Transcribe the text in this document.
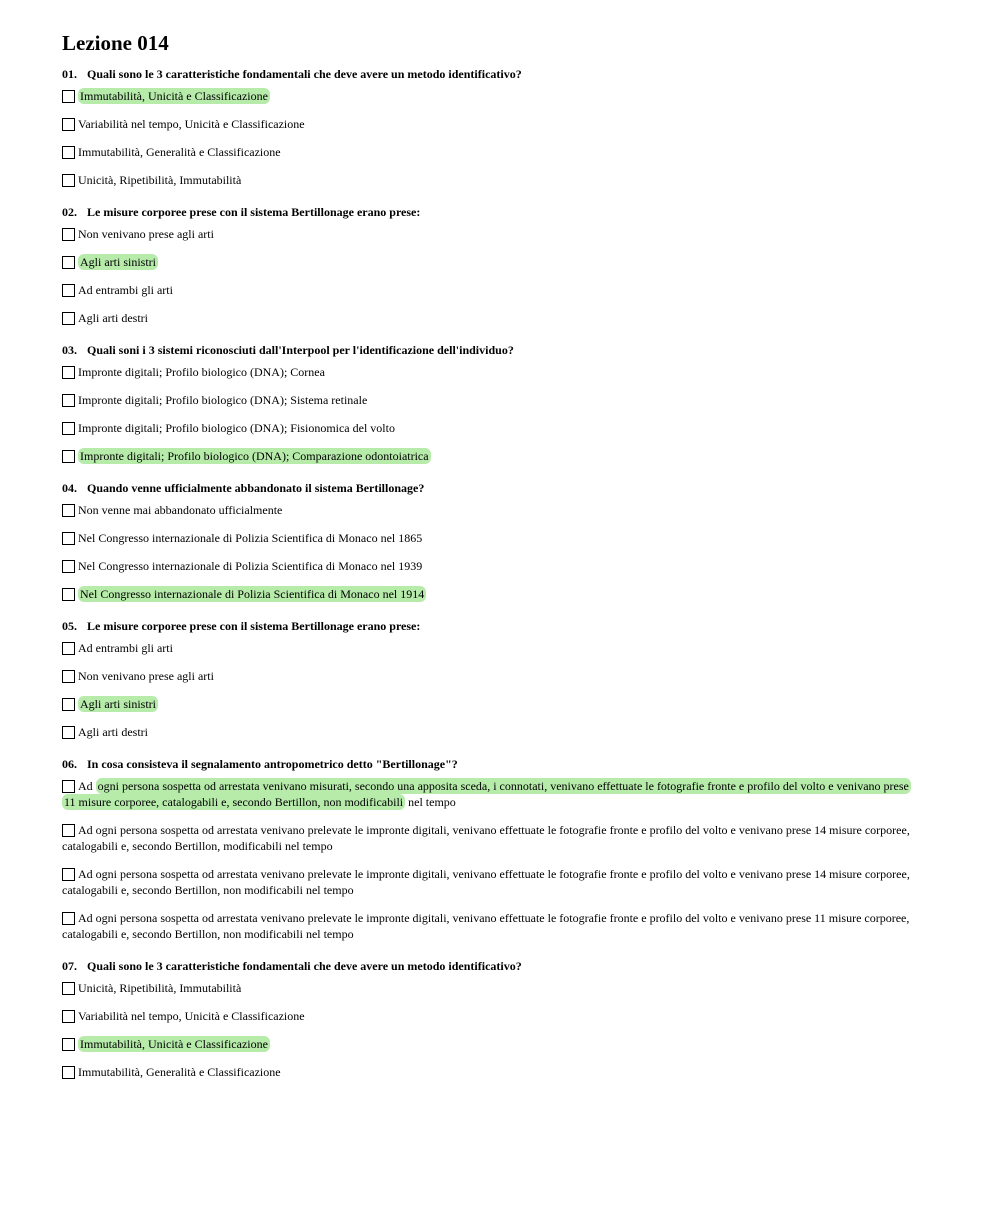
Lezione 014

01. Quali sono le 3 caratteristiche fondamentali che deve avere un metodo identificativo?

Immutabilità, Unicità e Classificazione
Variabilità nel tempo, Unicità e Classificazione
Immutabilità, Generalità e Classificazione
Unicità, Ripetibilità, Immutabilità

02. Le misure corporee prese con il sistema Bertillonage erano prese:

Non venivano prese agli arti
Agli arti sinistri
Ad entrambi gli arti
Agli arti destri

03. Quali soni i 3 sistemi riconosciuti dall'Interpool per l'identificazione dell'individuo?

Impronte digitali; Profilo biologico (DNA); Cornea
Impronte digitali; Profilo biologico (DNA); Sistema retinale
Impronte digitali; Profilo biologico (DNA); Fisionomica del volto
Impronte digitali; Profilo biologico (DNA); Comparazione odontoiatrica

04. Quando venne ufficialmente abbandonato il sistema Bertillonage?

Non venne mai abbandonato ufficialmente
Nel Congresso internazionale di Polizia Scientifica di Monaco nel 1865
Nel Congresso internazionale di Polizia Scientifica di Monaco nel 1939
Nel Congresso internazionale di Polizia Scientifica di Monaco nel 1914

05. Le misure corporee prese con il sistema Bertillonage erano prese:

Ad entrambi gli arti
Non venivano prese agli arti
Agli arti sinistri
Agli arti destri

06. In cosa consisteva il segnalamento antropometrico detto "Bertillonage"?

Ad ogni persona sospetta od arrestata venivano misurati, secondo una apposita sceda, i connotati, venivano effettuate le fotografie fronte e profilo del volto e venivano prese 11 misure corporee, catalogabili e, secondo Bertillon, non modificabili nel tempo
Ad ogni persona sospetta od arrestata venivano prelevate le impronte digitali, venivano effettuate le fotografie fronte e profilo del volto e venivano prese 14 misure corporee, catalogabili e, secondo Bertillon, modificabili nel tempo
Ad ogni persona sospetta od arrestata venivano prelevate le impronte digitali, venivano effettuate le fotografie fronte e profilo del volto e venivano prese 14 misure corporee, catalogabili e, secondo Bertillon, non modificabili nel tempo
Ad ogni persona sospetta od arrestata venivano prelevate le impronte digitali, venivano effettuate le fotografie fronte e profilo del volto e venivano prese 11 misure corporee, catalogabili e, secondo Bertillon, non modificabili nel tempo

07. Quali sono le 3 caratteristiche fondamentali che deve avere un metodo identificativo?

Unicità, Ripetibilità, Immutabilità
Variabilità nel tempo, Unicità e Classificazione
Immutabilità, Unicità e Classificazione
Immutabilità, Generalità e Classificazione
